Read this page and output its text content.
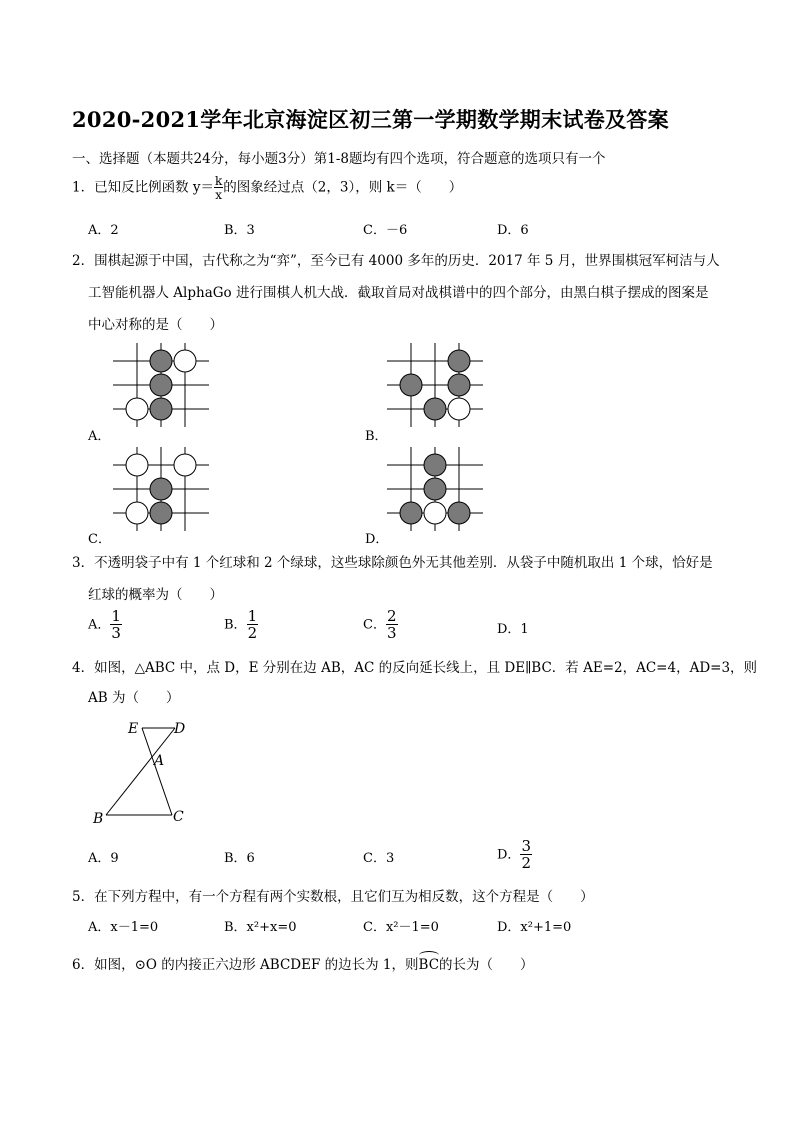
2020-2021学年北京海淀区初三第一学期数学期末试卷及答案
一、选择题（本题共24分，每小题3分）第1-8题均有四个选项，符合题意的选项只有一个
1．已知反比例函数 $y= \frac{k}{x}$ 的图象经过点（2，3），则 k＝（　　）
A．2	B．3	C．－6	D．6
2．围棋起源于中国，古代称之为“弈”，至今已有 4000 多年的历史．2017 年 5 月，世界围棋冠军柯洁与人
工智能机器人 AlphaGo 进行围棋人机大战．截取首局对战棋谱中的四个部分，由黑白棋子摆成的图案是
中心对称的是（　　）
E	D
A
B	C
A．	B．
C．	D．
3．不透明袋子中有 1 个红球和 2 个绿球，这些球除颜色外无其他差别．从袋子中随机取出 1 个球，恰好是
红球的概率为（　　）
A． $\frac{1}{3}$	B． $\frac{1}{2}$	C． $\frac{2}{3}$	D．1
4．如图，△ABC 中，点 D，E 分别在边 AB，AC 的反向延长线上，且 DE∥BC．若 AE=2，AC=4，AD=3，则
AB 为（　　）
A．9	B．6	C．3	D． $\frac{3}{2}$
5．在下列方程中，有一个方程有两个实数根，且它们互为相反数，这个方程是（　　）
A．x－1=0	B．x²+x=0	C．x²－1=0	D．x²+1=0
6．如图，⊙O 的内接正六边形 ABCDEF 的边长为 1，则BC的长为（　　）
